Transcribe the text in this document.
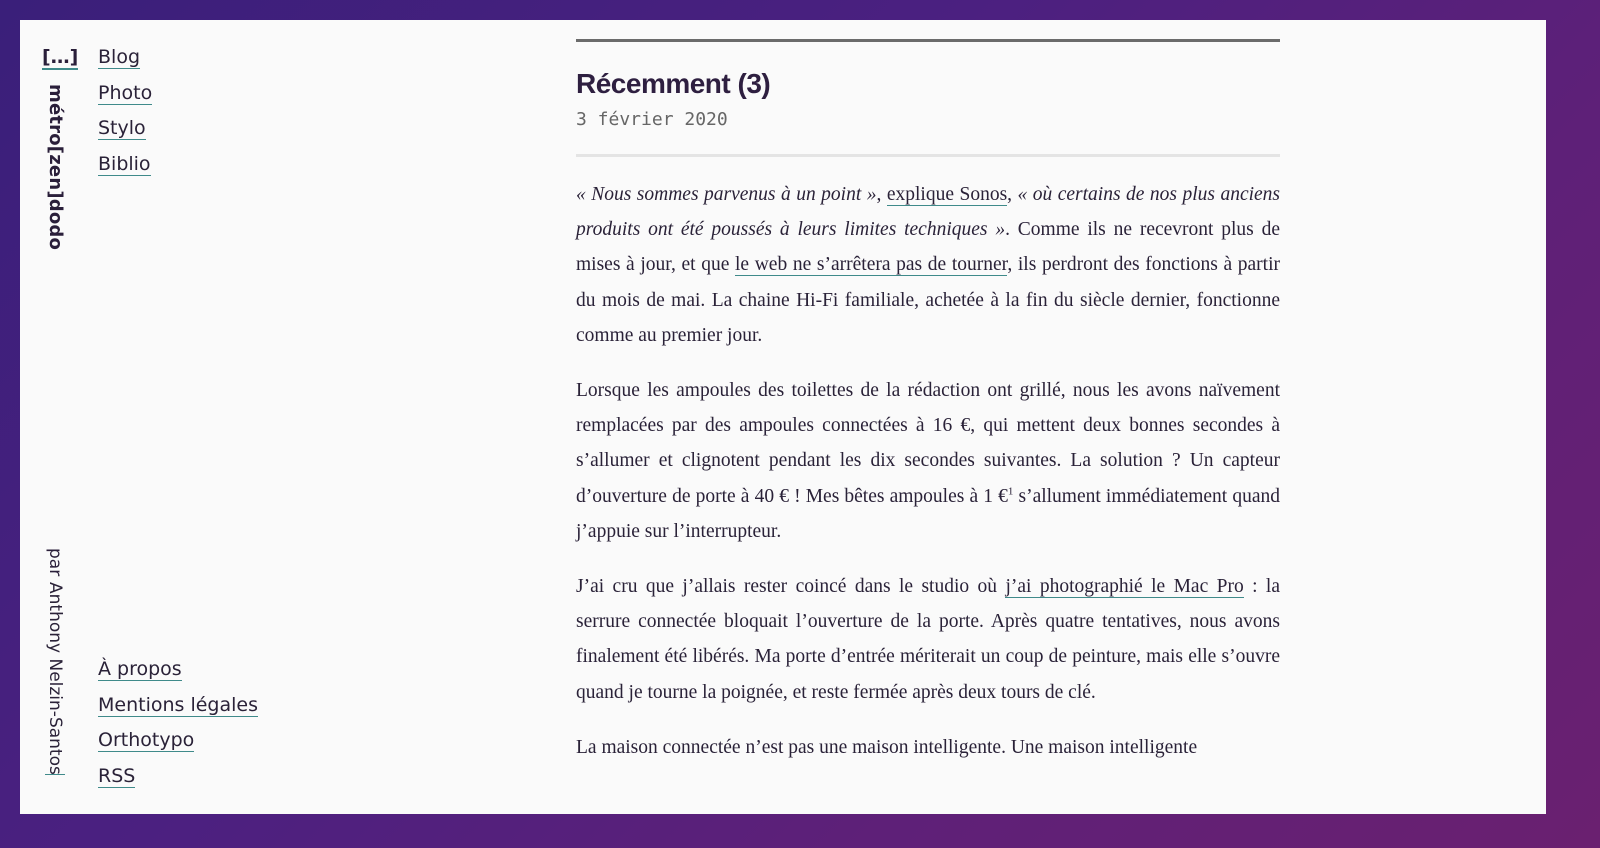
[…]
métro[zen]dodo
par Anthony Nelzin-Santos
Blog
Photo
Stylo
Biblio
À propos
Mentions légales
Orthotypo
RSS
Récemment (3)
3 février 2020

« Nous sommes parvenus à un point », explique Sonos, « où certains de nos plus anciens produits ont été poussés à leurs limites techniques ». Comme ils ne recevront plus de mises à jour, et que le web ne s’arrêtera pas de tourner, ils perdront des fonctions à partir du mois de mai. La chaine Hi-Fi familiale, achetée à la fin du siècle dernier, fonctionne comme au premier jour.

Lorsque les ampoules des toilettes de la rédaction ont grillé, nous les avons naïvement remplacées par des ampoules connectées à 16 €, qui mettent deux bonnes secondes à s’allumer et clignotent pendant les dix secondes suivantes. La solution ? Un capteur d’ouverture de porte à 40 € ! Mes bêtes ampoules à 1 €$^1$ s’allument immédiatement quand j’appuie sur l’interrupteur.

J’ai cru que j’allais rester coincé dans le studio où j’ai photographié le Mac Pro : la serrure connectée bloquait l’ouverture de la porte. Après quatre tentatives, nous avons finalement été libérés. Ma porte d’entrée mériterait un coup de peinture, mais elle s’ouvre quand je tourne la poignée, et reste fermée après deux tours de clé.

La maison connectée n’est pas une maison intelligente. Une maison intelligente
